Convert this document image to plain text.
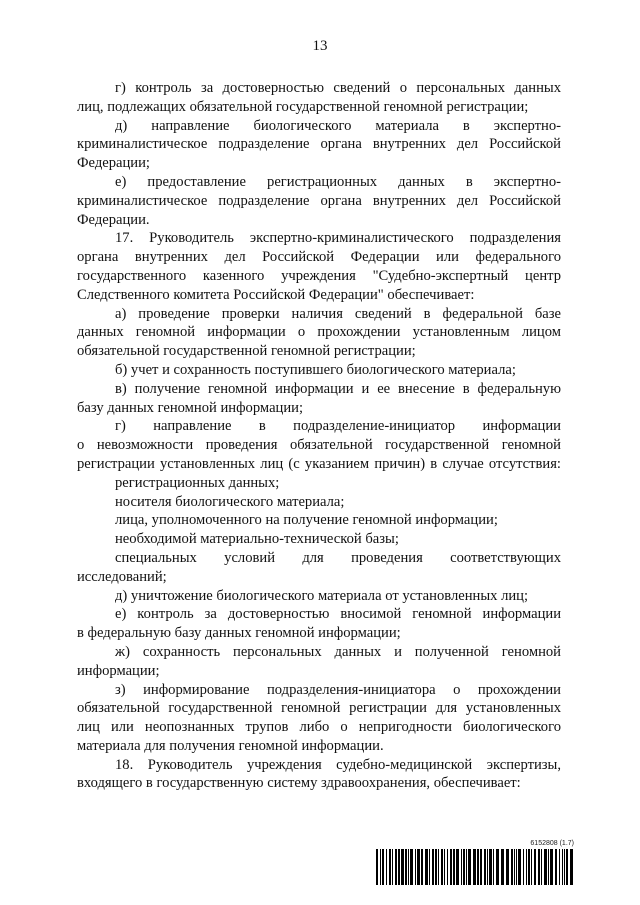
13
г) контроль за достоверностью сведений о персональных данных
лиц, подлежащих обязательной государственной геномной регистрации;
д) направление биологического материала в экспертно-
криминалистическое подразделение органа внутренних дел Российской
Федерации;
е) предоставление регистрационных данных в экспертно-
криминалистическое подразделение органа внутренних дел Российской
Федерации.
17. Руководитель экспертно-криминалистического подразделения
органа внутренних дел Российской Федерации или федерального
государственного казенного учреждения "Судебно-экспертный центр
Следственного комитета Российской Федерации" обеспечивает:
а) проведение проверки наличия сведений в федеральной базе
данных геномной информации о прохождении установленным лицом
обязательной государственной геномной регистрации;
б) учет и сохранность поступившего биологического материала;
в) получение геномной информации и ее внесение в федеральную
базу данных геномной информации;
г) направление в подразделение-инициатор информации
о невозможности проведения обязательной государственной геномной
регистрации установленных лиц (с указанием причин) в случае отсутствия:
регистрационных данных;
носителя биологического материала;
лица, уполномоченного на получение геномной информации;
необходимой материально-технической базы;
специальных условий для проведения соответствующих
исследований;
д) уничтожение биологического материала от установленных лиц;
е) контроль за достоверностью вносимой геномной информации
в федеральную базу данных геномной информации;
ж) сохранность персональных данных и полученной геномной
информации;
з) информирование подразделения-инициатора о прохождении
обязательной государственной геномной регистрации для установленных
лиц или неопознанных трупов либо о непригодности биологического
материала для получения геномной информации.
18. Руководитель учреждения судебно-медицинской экспертизы,
входящего в государственную систему здравоохранения, обеспечивает:
6152808 (1.7)
